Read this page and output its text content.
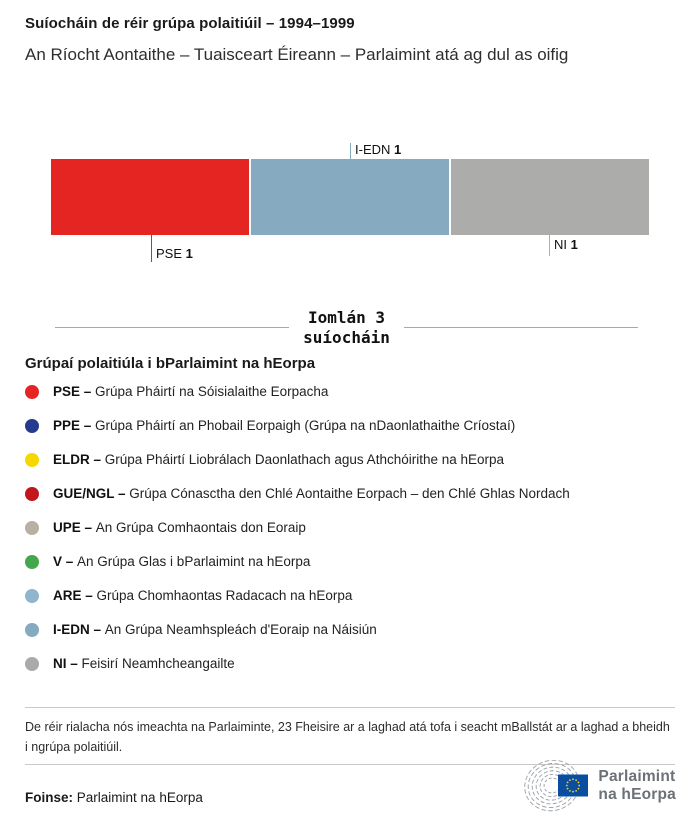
Suíocháin de réir grúpa polaitiúil – 1994–1999
An Ríocht Aontaithe – Tuaisceart Éireann – Parlaimint atá ag dul as oifig
PSE 1
I-EDN 1
NI 1
Iomlán 3
suíocháin
Grúpaí polaitiúla i bParlaimint na hEorpa
PSE – Grúpa Pháirtí na Sóisialaithe Eorpacha
PPE – Grúpa Pháirtí an Phobail Eorpaigh (Grúpa na nDaonlathaithe Críostaí)
ELDR – Grúpa Pháirtí Liobrálach Daonlathach agus Athchóirithe na hEorpa
GUE/NGL – Grúpa Cónasctha den Chlé Aontaithe Eorpach – den Chlé Ghlas Nordach
UPE – An Grúpa Comhaontais don Eoraip
V – An Grúpa Glas i bParlaimint na hEorpa
ARE – Grúpa Chomhaontas Radacach na hEorpa
I-EDN – An Grúpa Neamhspleách d'Eoraip na Náisiún
NI – Feisirí Neamhcheangailte
De réir rialacha nós imeachta na Parlaiminte, 23 Fheisire ar a laghad atá tofa i seacht mBallstát ar a laghad a bheidh i ngrúpa polaitiúil.
Foinse: Parlaimint na hEorpa
Parlaimint
na hEorpa
